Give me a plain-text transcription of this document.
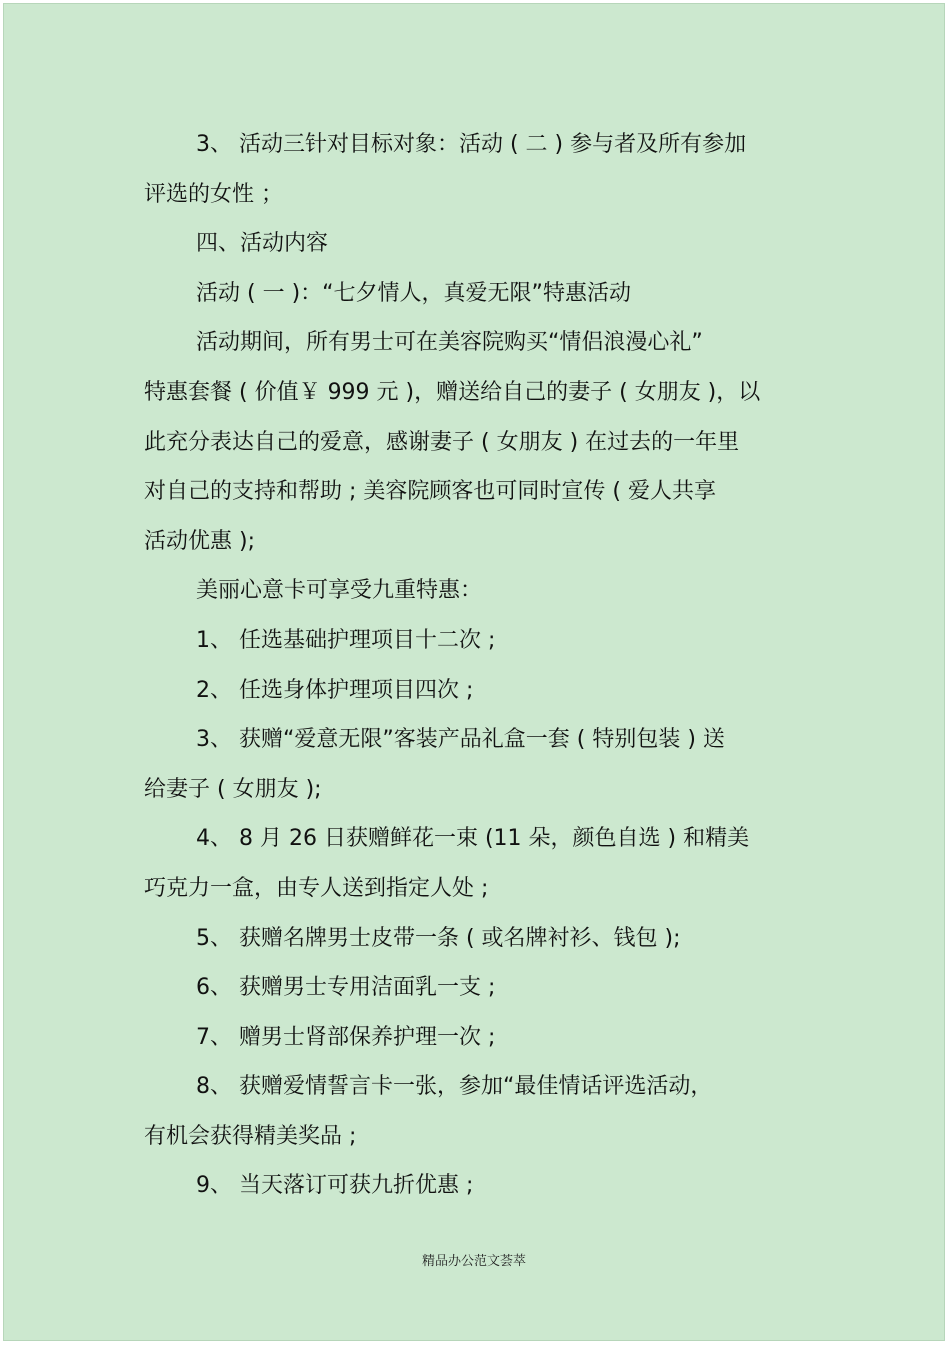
3、 活动三针对目标对象：活动 ( 二 ) 参与者及所有参加

评选的女性 ；

四、活动内容

活动 ( 一 )：“七夕情人，真爱无限”特惠活动

活动期间，所有男士可在美容院购买“情侣浪漫心礼”

特惠套餐 ( 价值￥ 999 元 )，赠送给自己的妻子 ( 女朋友 )，以

此充分表达自己的爱意，感谢妻子 ( 女朋友 ) 在过去的一年里

对自己的支持和帮助 ; 美容院顾客也可同时宣传 ( 爱人共享

活动优惠 );

美丽心意卡可享受九重特惠：

1、 任选基础护理项目十二次 ;

2、 任选身体护理项目四次 ;

3、 获赠“爱意无限”客装产品礼盒一套 ( 特别包装 ) 送

给妻子 ( 女朋友 );

4、 8 月 26 日获赠鲜花一束 (11 朵，颜色自选 ) 和精美

巧克力一盒，由专人送到指定人处 ;

5、 获赠名牌男士皮带一条 ( 或名牌衬衫、钱包 );

6、 获赠男士专用洁面乳一支 ;

7、 赠男士肾部保养护理一次 ;

8、 获赠爱情誓言卡一张，参加“最佳情话评选活动，

有机会获得精美奖品 ;

9、 当天落订可获九折优惠 ;

精品办公范文荟萃
